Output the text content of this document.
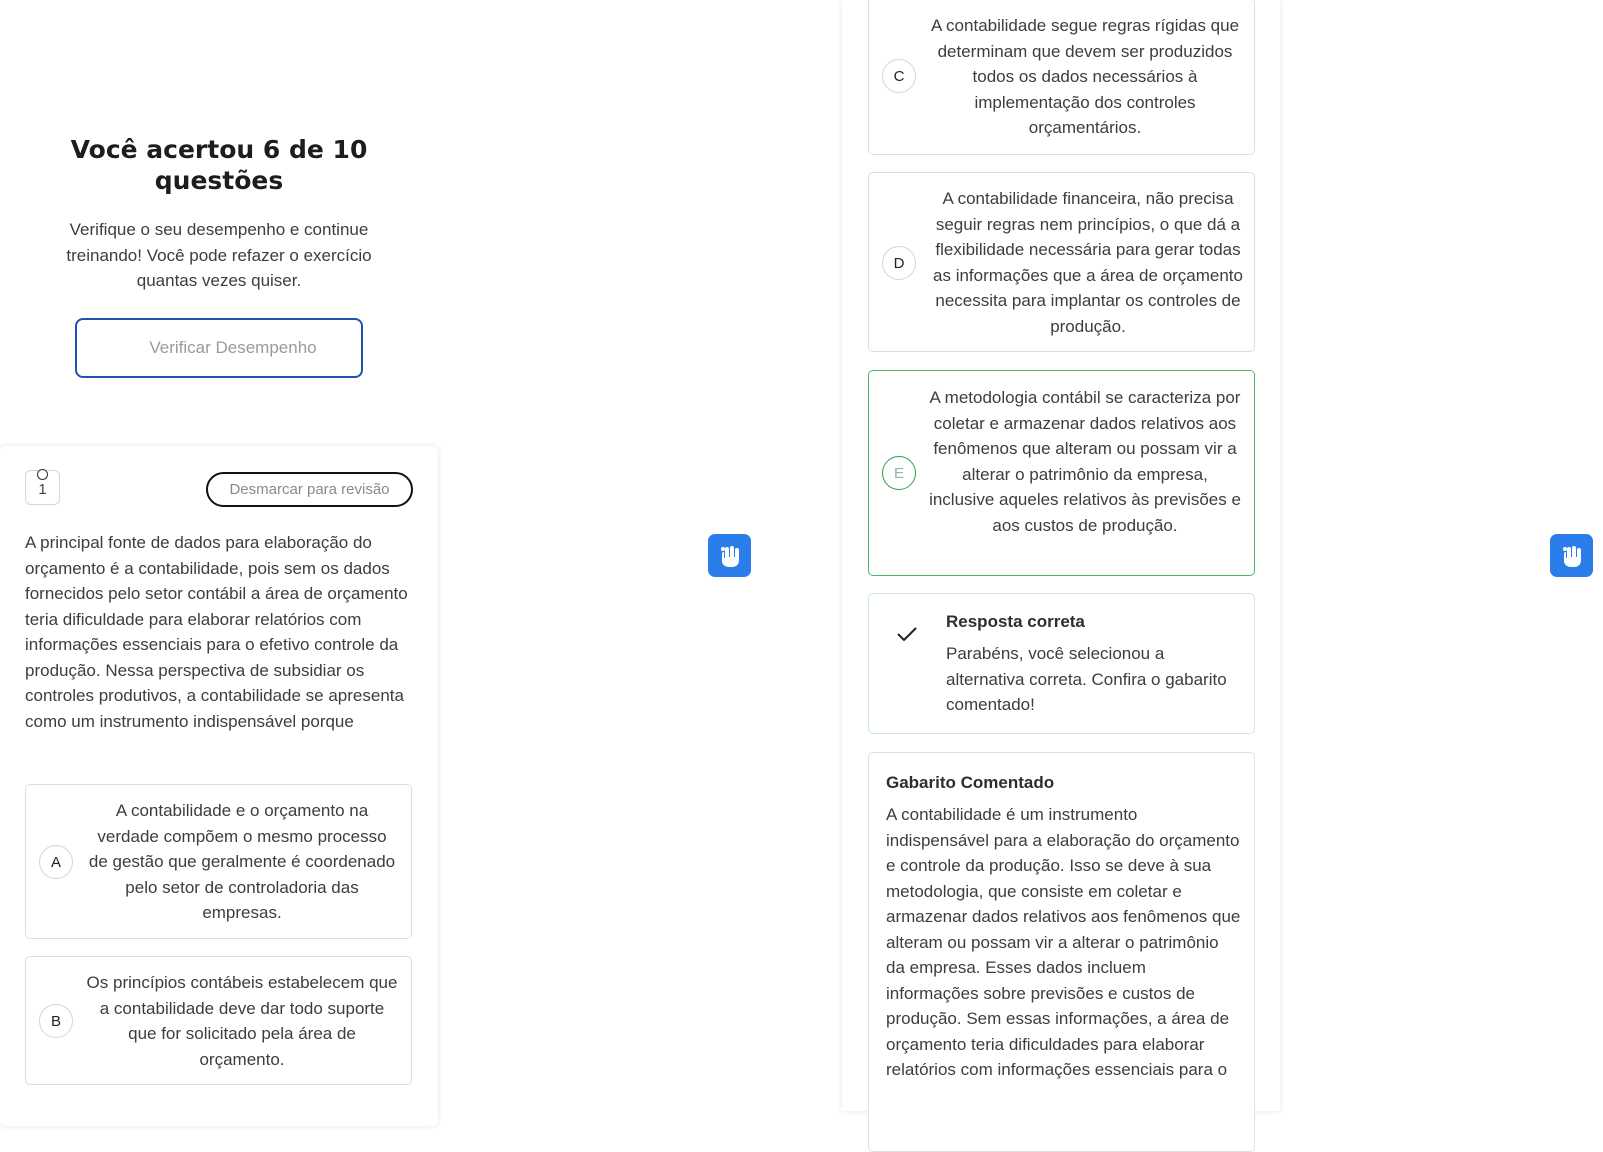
Você acertou 6 de 10 questões
Verifique o seu desempenho e continue treinando! Você pode refazer o exercício quantas vezes quiser.
Verificar Desempenho
1	Desmarcar para revisão
A principal fonte de dados para elaboração do orçamento é a contabilidade, pois sem os dados fornecidos pelo setor contábil a área de orçamento teria dificuldade para elaborar relatórios com informações essenciais para o efetivo controle da produção. Nessa perspectiva de subsidiar os controles produtivos, a contabilidade se apresenta como um instrumento indispensável porque
A
A contabilidade e o orçamento na verdade compõem o mesmo processo de gestão que geralmente é coordenado pelo setor de controladoria das empresas.
B
Os princípios contábeis estabelecem que a contabilidade deve dar todo suporte que for solicitado pela área de orçamento.
C
A contabilidade segue regras rígidas que determinam que devem ser produzidos todos os dados necessários à implementação dos controles orçamentários.
D
A contabilidade financeira, não precisa seguir regras nem princípios, o que dá a flexibilidade necessária para gerar todas as informações que a área de orçamento necessita para implantar os controles de produção.
E
A metodologia contábil se caracteriza por coletar e armazenar dados relativos aos fenômenos que alteram ou possam vir a alterar o patrimônio da empresa, inclusive aqueles relativos às previsões e aos custos de produção.
Resposta correta
Parabéns, você selecionou a alternativa correta. Confira o gabarito comentado!
Gabarito Comentado
A contabilidade é um instrumento indispensável para a elaboração do orçamento e controle da produção. Isso se deve à sua metodologia, que consiste em coletar e armazenar dados relativos aos fenômenos que alteram ou possam vir a alterar o patrimônio da empresa. Esses dados incluem informações sobre previsões e custos de produção. Sem essas informações, a área de orçamento teria dificuldades para elaborar relatórios com informações essenciais para o
